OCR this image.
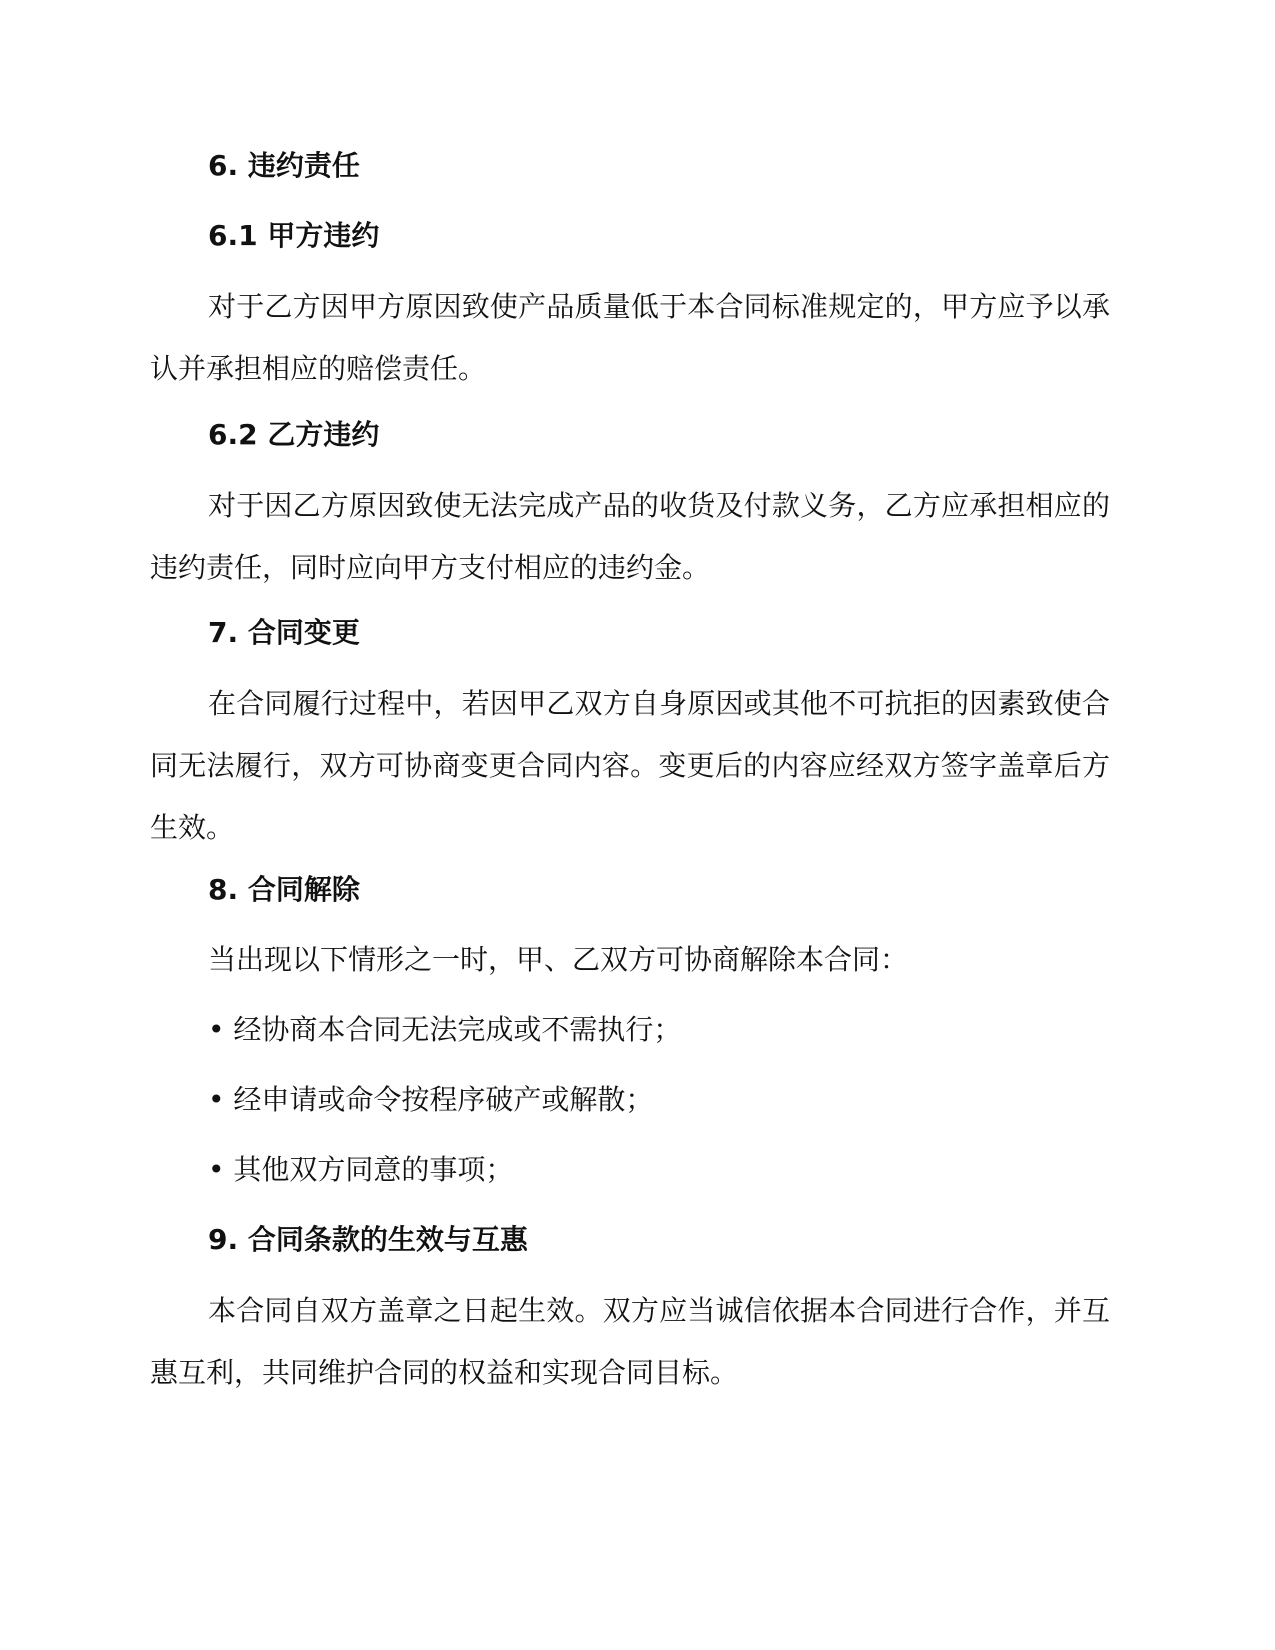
6. 违约责任
6.1 甲方违约

对于乙方因甲方原因致使产品质量低于本合同标准规定的，甲方应予以承认并承担相应的赔偿责任。

6.2 乙方违约

对于因乙方原因致使无法完成产品的收货及付款义务，乙方应承担相应的违约责任，同时应向甲方支付相应的违约金。

7. 合同变更

在合同履行过程中，若因甲乙双方自身原因或其他不可抗拒的因素致使合同无法履行，双方可协商变更合同内容。变更后的内容应经双方签字盖章后方生效。

8. 合同解除

当出现以下情形之一时，甲、乙双方可协商解除本合同：

• 经协商本合同无法完成或不需执行；

• 经申请或命令按程序破产或解散；

• 其他双方同意的事项；

9. 合同条款的生效与互惠

本合同自双方盖章之日起生效。双方应当诚信依据本合同进行合作，并互惠互利，共同维护合同的权益和实现合同目标。
